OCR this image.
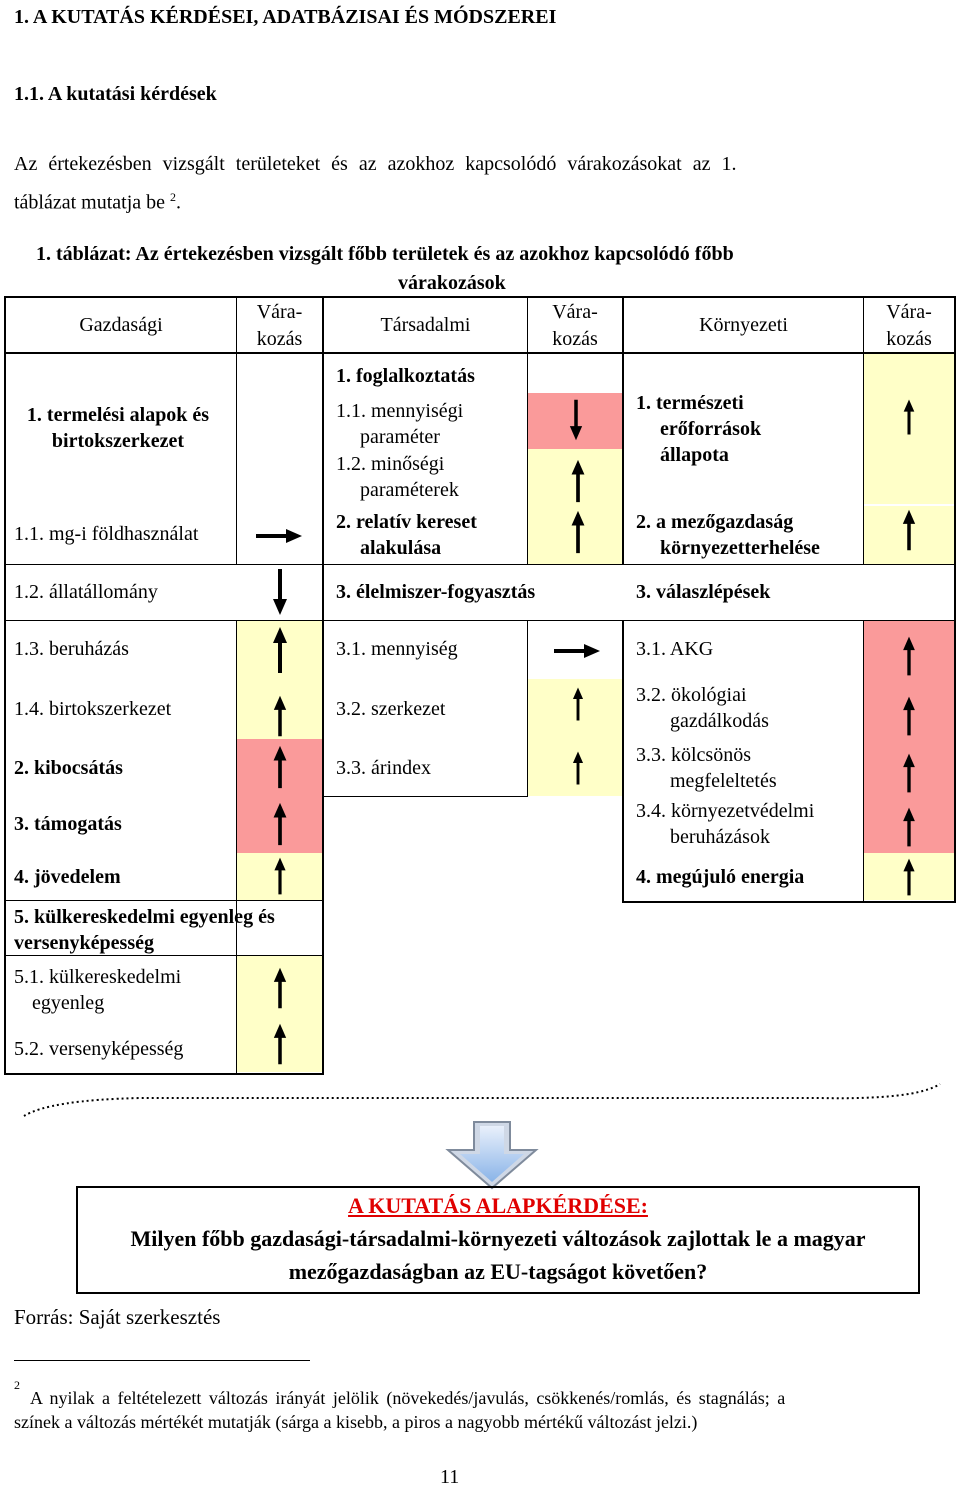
1. A KUTATÁS KÉRDÉSEI, ADATBÁZISAI ÉS MÓDSZEREI
1.1. A kutatási kérdések
Az értekezésben vizsgált területeket és az azokhoz kapcsolódó várakozásokat az 1.
táblázat mutatja be $^2$.
1. táblázat: Az értekezésben vizsgált főbb területek és az azokhoz kapcsolódó főbb
várakozások
Gazdasági
Vára-
kozás
Társadalmi
Vára-
kozás
Környezeti
Vára-
kozás
1. termelési alapok és
birtokszerkezet
1.1. mg-i földhasználat
1.2. állatállomány
1.3. beruházás
1.4. birtokszerkezet
2. kibocsátás
3. támogatás
4. jövedelem
5. külkereskedelmi egyenleg és
versenyképesség
5.1. külkereskedelmi
egyenleg
5.2. versenyképesség
1. foglalkoztatás
1.1. mennyiségi
paraméter
1.2. minőségi
paraméterek
2. relatív kereset
alakulása
3. élelmiszer-fogyasztás
3.1. mennyiség
3.2. szerkezet
3.3. árindex
1. természeti
erőforrások
állapota
2. a mezőgazdaság
környezetterhelése
3. válaszlépések
3.1. AKG
3.2. ökológiai
gazdálkodás
3.3. kölcsönös
megfeleltetés
3.4. környezetvédelmi
beruházások
4. megújuló energia
A KUTATÁS ALAPKÉRDÉSE:
Milyen főbb gazdasági-társadalmi-környezeti változások zajlottak le a magyar
mezőgazdaságban az EU-tagságot követően?
Forrás: Saját szerkesztés
2
A nyilak a feltételezett változás irányát jelölik (növekedés/javulás, csökkenés/romlás, és stagnálás; a
színek a változás mértékét mutatják (sárga a kisebb, a piros a nagyobb mértékű változást jelzi.)
11
